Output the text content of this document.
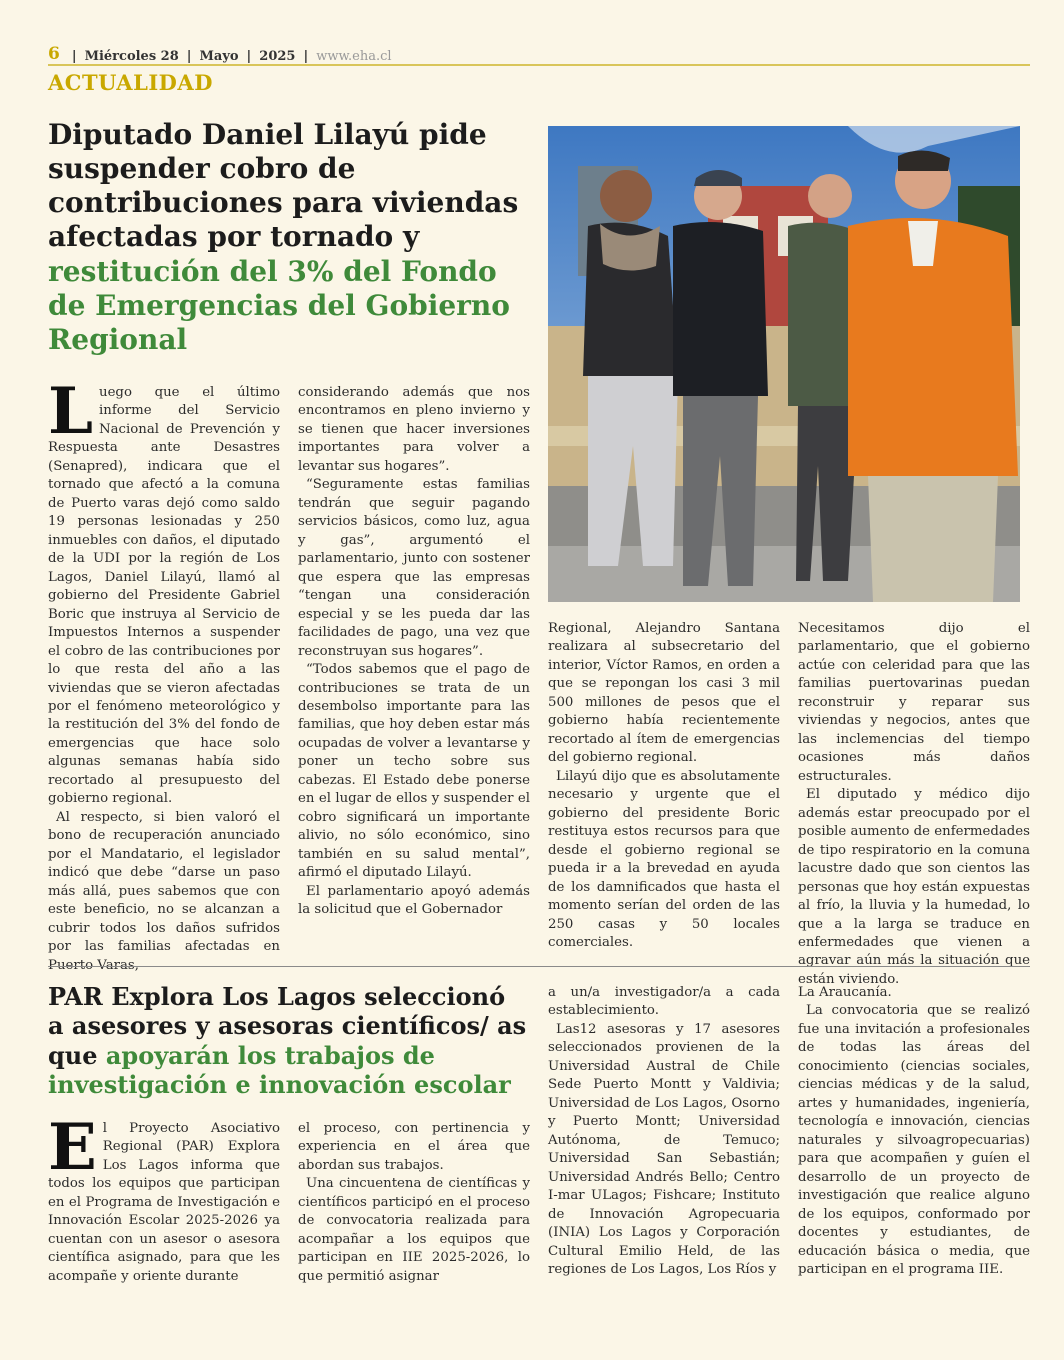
6 | Miércoles 28 | Mayo | 2025 | www.eha.cl
ACTUALIDAD
Diputado Daniel Lilayú pide suspender cobro de contribuciones para viviendas afectadas por tornado y restitución del 3% del Fondo de Emergencias del Gobierno Regional
L uego que el último informe del Servicio Nacional de Prevención y Respuesta ante Desastres (Senapred), indicara que el tornado que afectó a la comuna de Puerto varas dejó como saldo 19 personas lesionadas y 250 inmuebles con daños, el diputado de la UDI por la región de Los Lagos, Daniel Lilayú, llamó al gobierno del Presidente Gabriel Boric que instruya al Servicio de Impuestos Internos a suspender el cobro de las contribuciones por lo que resta del año a las viviendas que se vieron afectadas por el fenómeno meteorológico y la restitución del 3% del fondo de emergencias que hace solo algunas semanas había sido recortado al presupuesto del gobierno regional.

Al respecto, si bien valoró el bono de recuperación anunciado por el Mandatario, el legislador indicó que debe “darse un paso más allá, pues sabemos que con este beneficio, no se alcanzan a cubrir todos los daños sufridos por las familias afectadas en Puerto Varas,

considerando además que nos encontramos en pleno invierno y se tienen que hacer inversiones importantes para volver a levantar sus hogares”.

“Seguramente estas familias tendrán que seguir pagando servicios básicos, como luz, agua y gas”, argumentó el parlamentario, junto con sostener que espera que las empresas “tengan una consideración especial y se les pueda dar las facilidades de pago, una vez que reconstruyan sus hogares”.

“Todos sabemos que el pago de contribuciones se trata de un desembolso importante para las familias, que hoy deben estar más ocupadas de volver a levantarse y poner un techo sobre sus cabezas. El Estado debe ponerse en el lugar de ellos y suspender el cobro significará un importante alivio, no sólo económico, sino también en su salud mental”, afirmó el diputado Lilayú.

El parlamentario apoyó además la solicitud que el Gobernador

Regional, Alejandro Santana realizara al subsecretario del interior, Víctor Ramos, en orden a que se repongan los casi 3 mil 500 millones de pesos que el gobierno había recientemente recortado al ítem de emergencias del gobierno regional.

Lilayú dijo que es absolutamente necesario y urgente que el gobierno del presidente Boric restituya estos recursos para que desde el gobierno regional se pueda ir a la brevedad en ayuda de los damnificados que hasta el momento serían del orden de las 250 casas y 50 locales comerciales.

Necesitamos dijo el parlamentario, que el gobierno actúe con celeridad para que las familias puertovarinas puedan reconstruir y reparar sus viviendas y negocios, antes que las inclemencias del tiempo ocasiones más daños estructurales.

El diputado y médico dijo además estar preocupado por el posible aumento de enfermedades de tipo respiratorio en la comuna lacustre dado que son cientos las personas que hoy están expuestas al frío, la lluvia y la humedad, lo que a la larga se traduce en enfermedades que vienen a agravar aún más la situación que están viviendo.

PAR Explora Los Lagos seleccionó a asesores y asesoras científicos/ as que apoyarán los trabajos de investigación e innovación escolar
E l Proyecto Asociativo Regional (PAR) Explora Los Lagos informa que todos los equipos que participan en el Programa de Investigación e Innovación Escolar 2025-2026 ya cuentan con un asesor o asesora científica asignado, para que les acompañe y oriente durante

el proceso, con pertinencia y experiencia en el área que abordan sus trabajos.

Una cincuentena de científicas y científicos participó en el proceso de convocatoria realizada para acompañar a los equipos que participan en IIE 2025-2026, lo que permitió asignar

a un/a investigador/a a cada establecimiento.

Las12 asesoras y 17 asesores seleccionados provienen de la Universidad Austral de Chile Sede Puerto Montt y Valdivia; Universidad de Los Lagos, Osorno y Puerto Montt; Universidad Autónoma, de Temuco; Universidad San Sebastián; Universidad Andrés Bello; Centro I-mar ULagos; Fishcare; Instituto de Innovación Agropecuaria (INIA) Los Lagos y Corporación Cultural Emilio Held, de las regiones de Los Lagos, Los Ríos y

La Araucanía.

La convocatoria que se realizó fue una invitación a profesionales de todas las áreas del conocimiento (ciencias sociales, ciencias médicas y de la salud, artes y humanidades, ingeniería, tecnología e innovación, ciencias naturales y silvoagropecuarias) para que acompañen y guíen el desarrollo de un proyecto de investigación que realice alguno de los equipos, conformado por docentes y estudiantes, de educación básica o media, que participan en el programa IIE.
